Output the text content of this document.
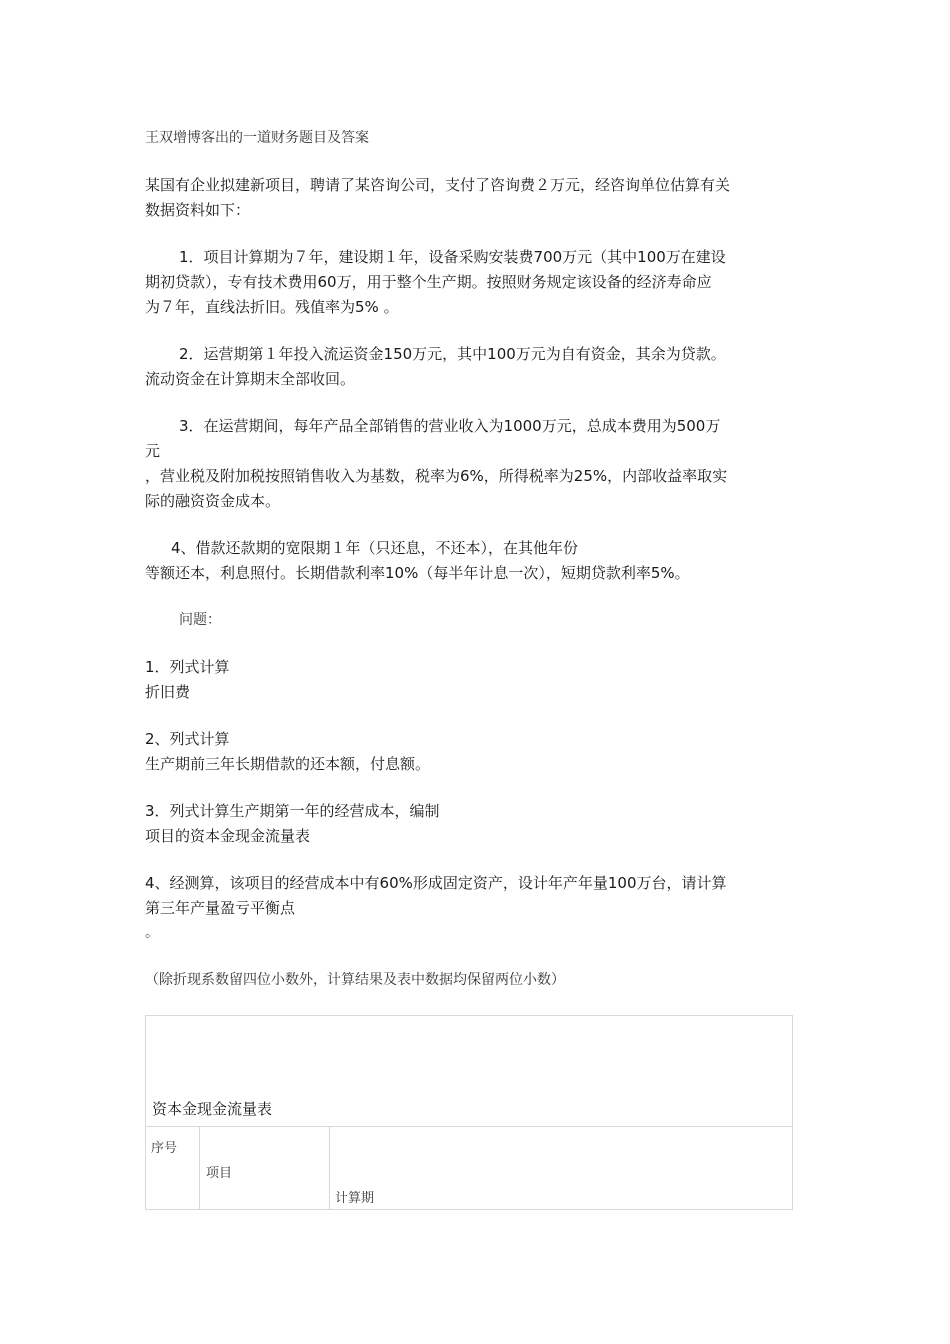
王双增博客出的一道财务题目及答案

某国有企业拟建新项目，聘请了某咨询公司，支付了咨询费２万元，经咨询单位估算有关

数据资料如下：

1．项目计算期为７年，建设期１年，设备采购安装费700万元（其中100万在建设

期初贷款），专有技术费用60万，用于整个生产期。按照财务规定该设备的经济寿命应

为７年，直线法折旧。残值率为5% 。

2．运营期第１年投入流运资金150万元，其中100万元为自有资金，其余为贷款。

流动资金在计算期末全部收回。

3．在运营期间，每年产品全部销售的营业收入为1000万元，总成本费用为500万

元

，营业税及附加税按照销售收入为基数，税率为6%，所得税率为25%，内部收益率取实

际的融资资金成本。

4、借款还款期的宽限期１年（只还息，不还本），在其他年份

等额还本，利息照付。长期借款利率10%（每半年计息一次），短期贷款利率5%。

问题：

1．列式计算

折旧费

2、列式计算

生产期前三年长期借款的还本额，付息额。

3．列式计算生产期第一年的经营成本，编制

项目的资本金现金流量表

4、经测算，该项目的经营成本中有60%形成固定资产，设计年产年量100万台，请计算

第三年产量盈亏平衡点

。

（除折现系数留四位小数外，计算结果及表中数据均保留两位小数）

资本金现金流量表
序号
项目
计算期
